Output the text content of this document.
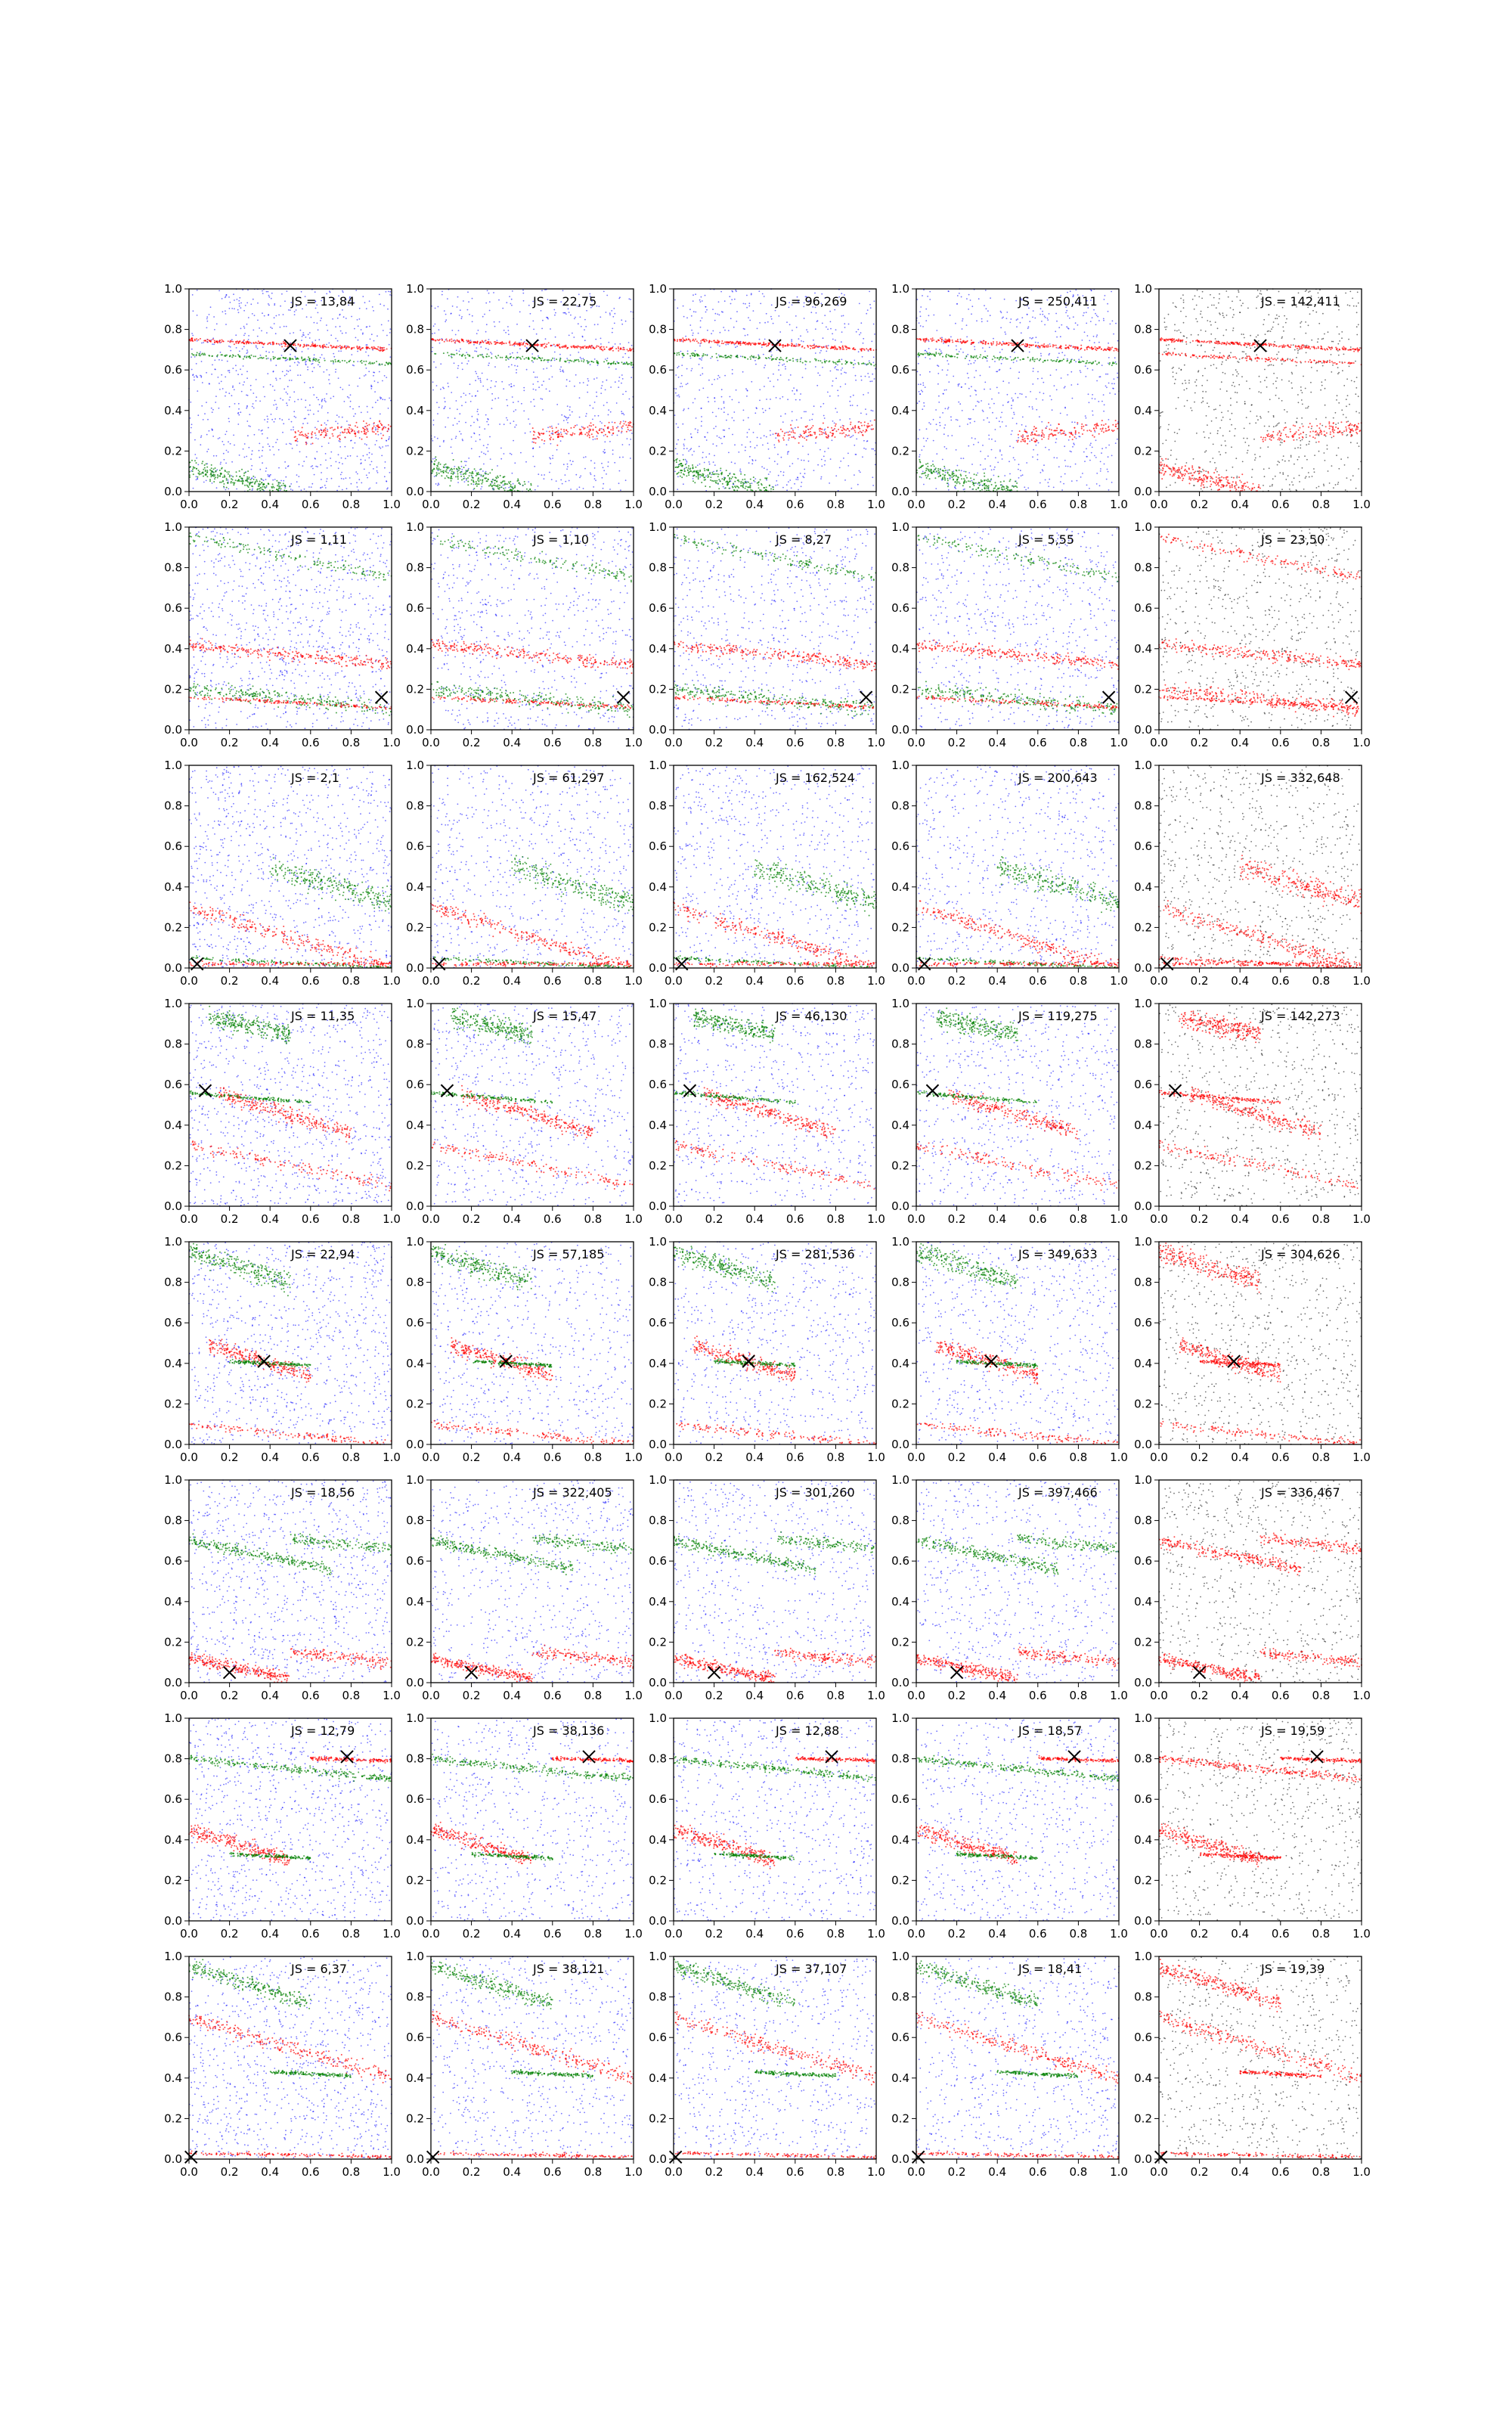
0.0
0.0
0.2
0.2
0.4
0.4
0.6
0.6
0.8
0.8
1.0
1.0
JS = 13,84
0.0
0.0
0.2
0.2
0.4
0.4
0.6
0.6
0.8
0.8
1.0
1.0
JS = 22,75
0.0
0.0
0.2
0.2
0.4
0.4
0.6
0.6
0.8
0.8
1.0
1.0
JS = 96,269
0.0
0.0
0.2
0.2
0.4
0.4
0.6
0.6
0.8
0.8
1.0
1.0
JS = 250,411
0.0
0.0
0.2
0.2
0.4
0.4
0.6
0.6
0.8
0.8
1.0
1.0
JS = 142,411
0.0
0.0
0.2
0.2
0.4
0.4
0.6
0.6
0.8
0.8
1.0
1.0
JS = 1,11
0.0
0.0
0.2
0.2
0.4
0.4
0.6
0.6
0.8
0.8
1.0
1.0
JS = 1,10
0.0
0.0
0.2
0.2
0.4
0.4
0.6
0.6
0.8
0.8
1.0
1.0
JS = 8,27
0.0
0.0
0.2
0.2
0.4
0.4
0.6
0.6
0.8
0.8
1.0
1.0
JS = 5,55
0.0
0.0
0.2
0.2
0.4
0.4
0.6
0.6
0.8
0.8
1.0
1.0
JS = 23,50
0.0
0.0
0.2
0.2
0.4
0.4
0.6
0.6
0.8
0.8
1.0
1.0
JS = 2,1
0.0
0.0
0.2
0.2
0.4
0.4
0.6
0.6
0.8
0.8
1.0
1.0
JS = 61,297
0.0
0.0
0.2
0.2
0.4
0.4
0.6
0.6
0.8
0.8
1.0
1.0
JS = 162,524
0.0
0.0
0.2
0.2
0.4
0.4
0.6
0.6
0.8
0.8
1.0
1.0
JS = 200,643
0.0
0.0
0.2
0.2
0.4
0.4
0.6
0.6
0.8
0.8
1.0
1.0
JS = 332,648
0.0
0.0
0.2
0.2
0.4
0.4
0.6
0.6
0.8
0.8
1.0
1.0
JS = 11,35
0.0
0.0
0.2
0.2
0.4
0.4
0.6
0.6
0.8
0.8
1.0
1.0
JS = 15,47
0.0
0.0
0.2
0.2
0.4
0.4
0.6
0.6
0.8
0.8
1.0
1.0
JS = 46,130
0.0
0.0
0.2
0.2
0.4
0.4
0.6
0.6
0.8
0.8
1.0
1.0
JS = 119,275
0.0
0.0
0.2
0.2
0.4
0.4
0.6
0.6
0.8
0.8
1.0
1.0
JS = 142,273
0.0
0.0
0.2
0.2
0.4
0.4
0.6
0.6
0.8
0.8
1.0
1.0
JS = 22,94
0.0
0.0
0.2
0.2
0.4
0.4
0.6
0.6
0.8
0.8
1.0
1.0
JS = 57,185
0.0
0.0
0.2
0.2
0.4
0.4
0.6
0.6
0.8
0.8
1.0
1.0
JS = 281,536
0.0
0.0
0.2
0.2
0.4
0.4
0.6
0.6
0.8
0.8
1.0
1.0
JS = 349,633
0.0
0.0
0.2
0.2
0.4
0.4
0.6
0.6
0.8
0.8
1.0
1.0
JS = 304,626
0.0
0.0
0.2
0.2
0.4
0.4
0.6
0.6
0.8
0.8
1.0
1.0
JS = 18,56
0.0
0.0
0.2
0.2
0.4
0.4
0.6
0.6
0.8
0.8
1.0
1.0
JS = 322,405
0.0
0.0
0.2
0.2
0.4
0.4
0.6
0.6
0.8
0.8
1.0
1.0
JS = 301,260
0.0
0.0
0.2
0.2
0.4
0.4
0.6
0.6
0.8
0.8
1.0
1.0
JS = 397,466
0.0
0.0
0.2
0.2
0.4
0.4
0.6
0.6
0.8
0.8
1.0
1.0
JS = 336,467
0.0
0.0
0.2
0.2
0.4
0.4
0.6
0.6
0.8
0.8
1.0
1.0
JS = 12,79
0.0
0.0
0.2
0.2
0.4
0.4
0.6
0.6
0.8
0.8
1.0
1.0
JS = 38,136
0.0
0.0
0.2
0.2
0.4
0.4
0.6
0.6
0.8
0.8
1.0
1.0
JS = 12,88
0.0
0.0
0.2
0.2
0.4
0.4
0.6
0.6
0.8
0.8
1.0
1.0
JS = 18,57
0.0
0.0
0.2
0.2
0.4
0.4
0.6
0.6
0.8
0.8
1.0
1.0
JS = 19,59
0.0
0.0
0.2
0.2
0.4
0.4
0.6
0.6
0.8
0.8
1.0
1.0
JS = 6,37
0.0
0.0
0.2
0.2
0.4
0.4
0.6
0.6
0.8
0.8
1.0
1.0
JS = 38,121
0.0
0.0
0.2
0.2
0.4
0.4
0.6
0.6
0.8
0.8
1.0
1.0
JS = 37,107
0.0
0.0
0.2
0.2
0.4
0.4
0.6
0.6
0.8
0.8
1.0
1.0
JS = 18,41
0.0
0.0
0.2
0.2
0.4
0.4
0.6
0.6
0.8
0.8
1.0
1.0
JS = 19,39
